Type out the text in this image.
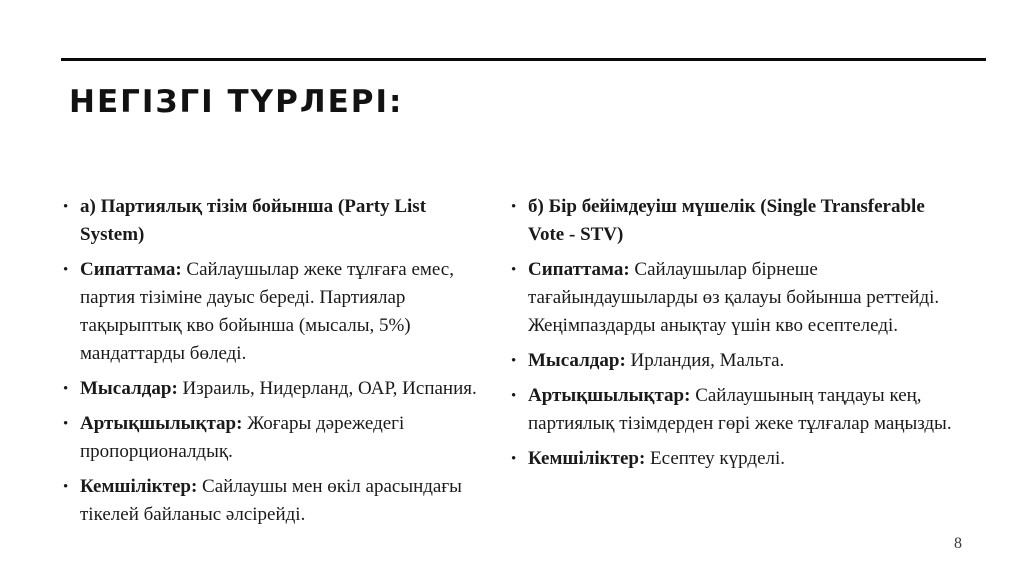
НЕГІЗГІ ТҮРЛЕРІ:
• а) Партиялық тізім бойынша (Party List System)
• Сипаттама: Сайлаушылар жеке тұлғаға емес, партия тізіміне дауыс береді. Партиялар тақырыптық кво бойынша (мысалы, 5%) мандаттарды бөледі.
• Мысалдар: Израиль, Нидерланд, ОАР, Испания.
• Артықшылықтар: Жоғары дәрежедегі пропорционалдық.
• Кемшіліктер: Сайлаушы мен өкіл арасындағы тікелей байланыс әлсірейді.
• б) Бір бейімдеуіш мүшелік (Single Transferable Vote - STV)
• Сипаттама: Сайлаушылар бірнеше тағайындаушыларды өз қалауы бойынша реттейді. Жеңімпаздарды анықтау үшін кво есептеледі.
• Мысалдар: Ирландия, Мальта.
• Артықшылықтар: Сайлаушының таңдауы кең, партиялық тізімдерден гөрі жеке тұлғалар маңызды.
• Кемшіліктер: Есептеу күрделі.
8
